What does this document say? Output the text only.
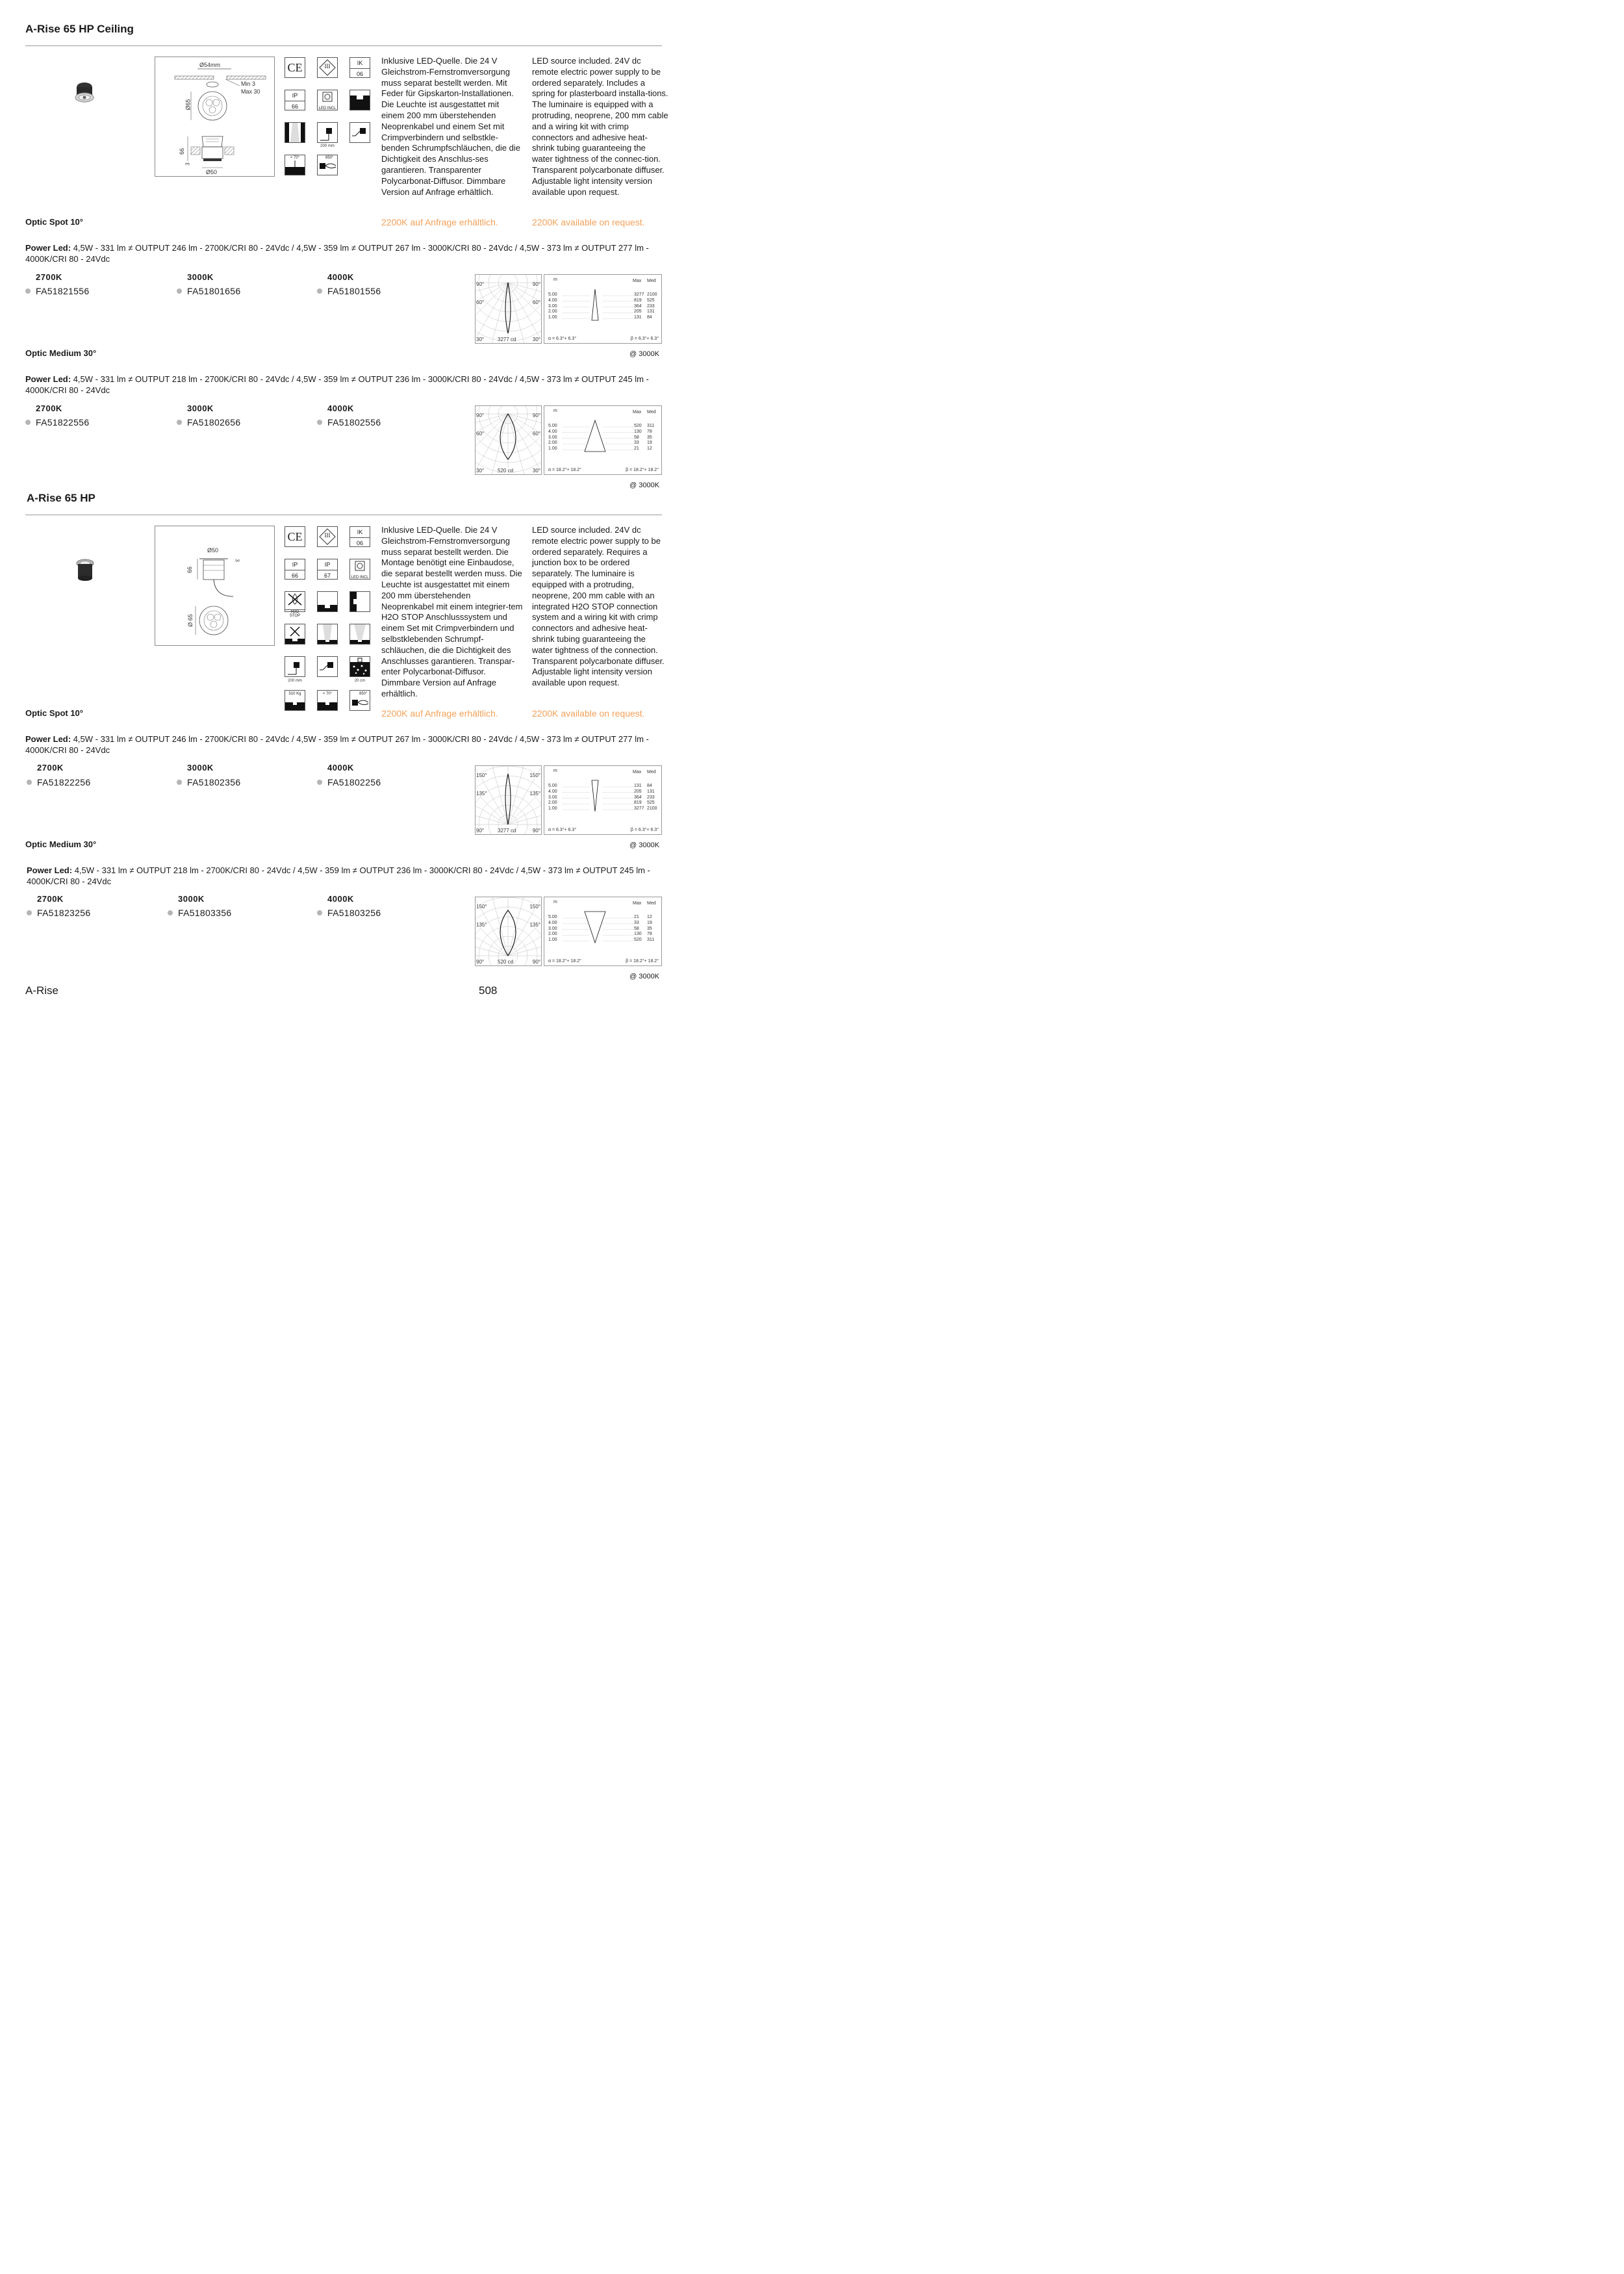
A-Rise 65 HP Ceiling
Ø54mm
Min 3
Max 30
Ø65
66
3
Ø50
CE	III	IK
06
IP
66	LED INCL
200 mm
< 70°	850°
Inklusive LED-Quelle. Die 24 V Gleichstrom-Fernstromversorgung muss separat bestellt werden. Mit Feder für Gipskarton-Installationen. Die Leuchte ist ausgestattet mit einem 200 mm überstehenden Neoprenkabel und einem Set mit Crimpverbindern und selbstkle-benden Schrumpfschläuchen, die die Dichtigkeit des Anschlus-ses garantieren. Transparenter Polycarbonat-Diffusor. Dimmbare Version auf Anfrage erhältlich.
LED source included. 24V dc remote electric power supply to be ordered separately. Includes a spring for plasterboard installa-tions. The luminaire is equipped with a protruding, neoprene, 200 mm cable and a wiring kit with crimp connectors and adhesive heat-shrink tubing guaranteeing the water tightness of the connec-tion. Transparent polycarbonate diffuser. Adjustable light intensity version available upon request.
2200K auf Anfrage erhältlich.	2200K available on request.
Optic Spot 10°
Power Led: 4,5W - 331 lm ≠ OUTPUT 246 lm - 2700K/CRI 80 - 24Vdc / 4,5W - 359 lm ≠ OUTPUT 267 lm - 3000K/CRI 80 - 24Vdc / 4,5W - 373 lm ≠ OUTPUT 277 lm - 4000K/CRI 80 - 24Vdc
2700K	3000K	4000K
FA51821556	FA51801656	FA51801556
Optic Medium 30°
Power Led: 4,5W - 331 lm ≠ OUTPUT 218 lm - 2700K/CRI 80 - 24Vdc / 4,5W - 359 lm ≠ OUTPUT 236 lm - 3000K/CRI 80 - 24Vdc / 4,5W - 373 lm ≠ OUTPUT 245 lm - 4000K/CRI 80 - 24Vdc
2700K	3000K	4000K
FA51822556	FA51802656	FA51802556
A-Rise 65 HP
Ø50
3
66
Ø 65
CE	III	IK
06
IP
66
IP
67	LED INCL
H2O STOP
200 mm	20 cm
510 Kg	< 70°	850°
Inklusive LED-Quelle. Die 24 V Gleichstrom-Fernstromversorgung muss separat bestellt werden. Die Montage benötigt eine Einbaudose, die separat bestellt werden muss. Die Leuchte ist ausgestattet mit einem 200 mm überstehenden Neoprenkabel mit einem integrier-tem H2O STOP Anschlusssystem und einem Set mit Crimpverbindern und selbstklebenden Schrumpf-schläuchen, die die Dichtigkeit des Anschlusses garantieren. Transpar-enter Polycarbonat-Diffusor. Dimmbare Version auf Anfrage erhältlich.
LED source included. 24V dc remote electric power supply to be ordered separately. Requires a junction box to be ordered separately. The luminaire is equipped with a protruding, neoprene, 200 mm cable with an integrated H2O STOP connection system and a wiring kit with crimp connectors and adhesive heat-shrink tubing guaranteeing the water tightness of the connection. Transparent polycarbonate diffuser. Adjustable light intensity version available upon request.
2200K auf Anfrage erhältlich.	2200K available on request.
Optic Spot 10°
Power Led: 4,5W - 331 lm ≠ OUTPUT 246 lm - 2700K/CRI 80 - 24Vdc / 4,5W - 359 lm ≠ OUTPUT 267 lm - 3000K/CRI 80 - 24Vdc / 4,5W - 373 lm ≠ OUTPUT 277 lm - 4000K/CRI 80 - 24Vdc
2700K	3000K	4000K
FA51822256	FA51802356	FA51802256
Optic Medium 30°
Power Led: 4,5W - 331 lm ≠ OUTPUT 218 lm - 2700K/CRI 80 - 24Vdc / 4,5W - 359 lm ≠ OUTPUT 236 lm - 3000K/CRI 80 - 24Vdc / 4,5W - 373 lm ≠ OUTPUT 245 lm - 4000K/CRI 80 - 24Vdc
2700K	3000K	4000K
FA51823256	FA51803356	FA51803256
90°	90°
60°	60°
30°	30°
3277 cd
m	Max Med
5.00	3277 2100
4.00	819 525
3.00	364 233
2.00	205 131
1.00	131 84
α = 6.3°+ 6.3°	β = 6.3°+ 6.3°
@ 3000K
90°	90°
60°	60°
30°	30°
520 cd
m	Max Med
5.00	520 311
4.00	130 78
3.00	58 35
2.00	33 19
1.00	21 12
α = 18.2°+ 18.2°	β = 18.2°+ 18.2°
@ 3000K
150°	150°
135°	135°
90°	90°
3277 cd
m	Max Med
5.00	131 84
4.00	205 131
3.00	364 233
2.00	819 525
1.00	3277 2100
α = 6.3°+ 6.3°	β = 6.3°+ 6.3°
@ 3000K
150°	150°
135°	135°
90°	90°
520 cd
m	Max Med
5.00	21 12
4.00	33 19
3.00	58 35
2.00	130 78
1.00	520 311
α = 18.2°+ 18.2°	β = 18.2°+ 18.2°
@ 3000K
A-Rise	508
